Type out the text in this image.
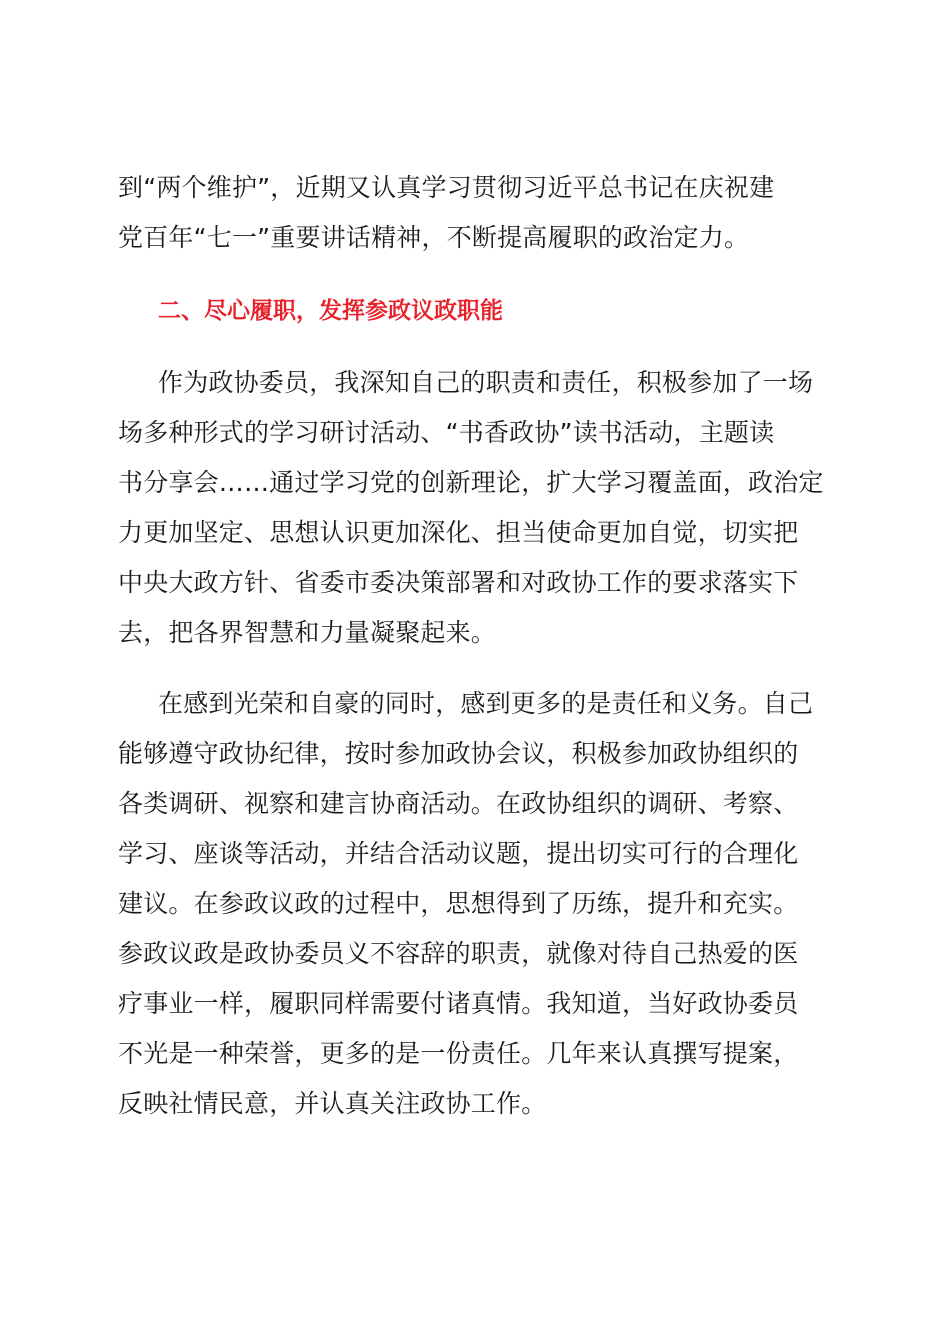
到“两个维护”，近期又认真学习贯彻习近平总书记在庆祝建
党百年“七一”重要讲话精神，不断提高履职的政治定力。
二、尽心履职，发挥参政议政职能
作为政协委员，我深知自己的职责和责任，积极参加了一场
场多种形式的学习研讨活动、“书香政协”读书活动，主题读
书分享会……通过学习党的创新理论，扩大学习覆盖面，政治定
力更加坚定、思想认识更加深化、担当使命更加自觉，切实把
中央大政方针、省委市委决策部署和对政协工作的要求落实下
去，把各界智慧和力量凝聚起来。
在感到光荣和自豪的同时，感到更多的是责任和义务。自己
能够遵守政协纪律，按时参加政协会议，积极参加政协组织的
各类调研、视察和建言协商活动。在政协组织的调研、考察、
学习、座谈等活动，并结合活动议题，提出切实可行的合理化
建议。在参政议政的过程中，思想得到了历练，提升和充实。
参政议政是政协委员义不容辞的职责，就像对待自己热爱的医
疗事业一样，履职同样需要付诸真情。我知道，当好政协委员
不光是一种荣誉，更多的是一份责任。几年来认真撰写提案，
反映社情民意，并认真关注政协工作。
